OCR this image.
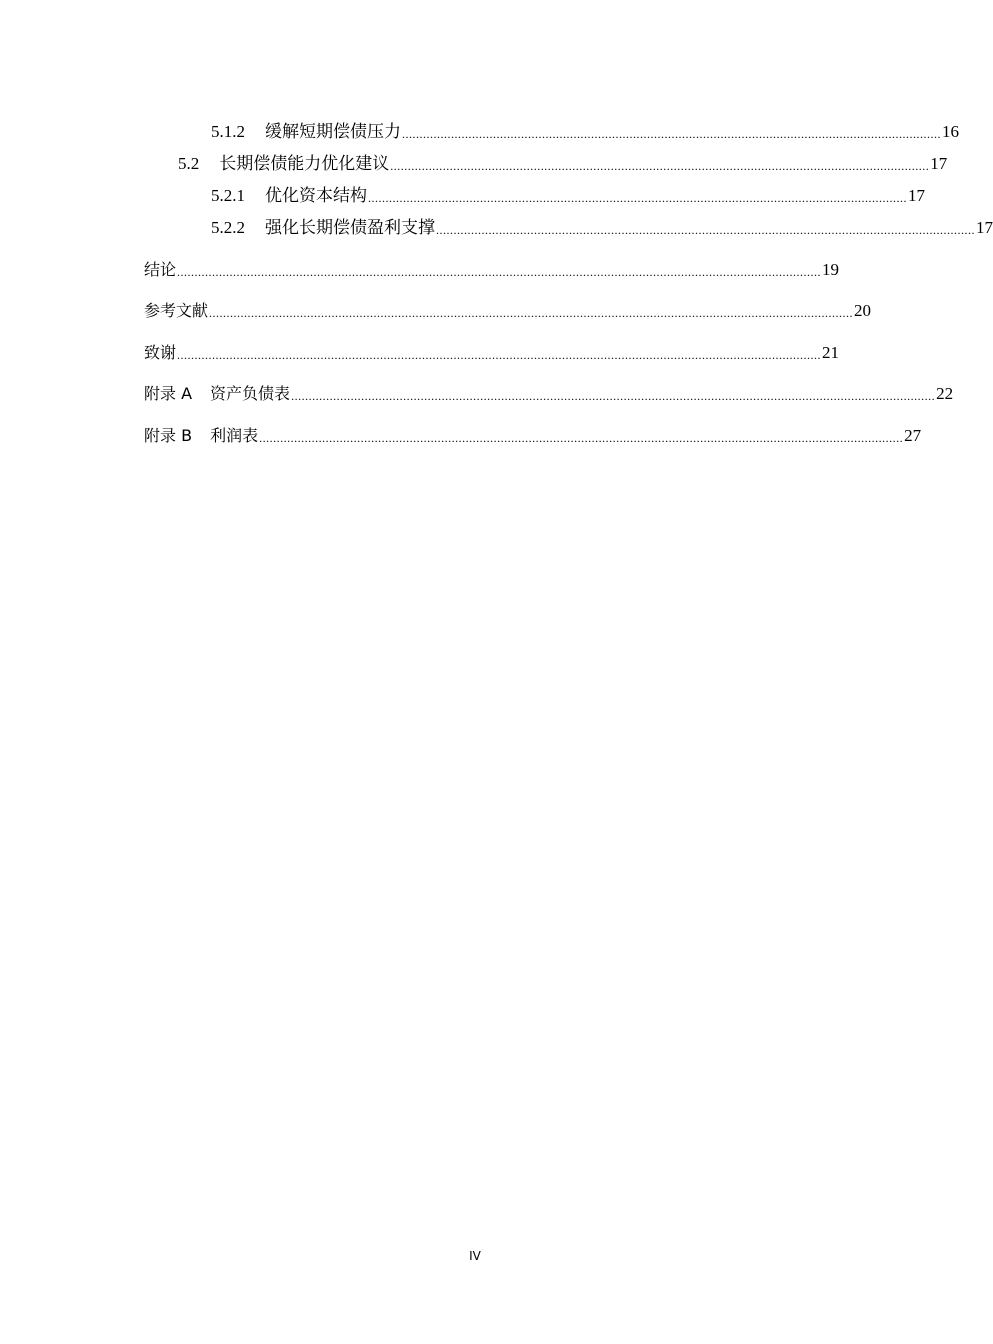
5.1.2 缓解短期偿债压力 .......................................................................................................................................................... 16
5.2 长期偿债能力优化建议 .......................................................................................................................................................... 17
5.2.1 优化资本结构 .......................................................................................................................................................... 17
5.2.2 强化长期偿债盈利支撑 .......................................................................................................................................................... 17
结论 ........................................................................................................................................................................................ 19
参考文献 ........................................................................................................................................................................................ 20
致谢 ........................................................................................................................................................................................ 21
附录 A 资产负债表 ........................................................................................................................................................................................ 22
附录 B 利润表 ........................................................................................................................................................................................ 27
IV
